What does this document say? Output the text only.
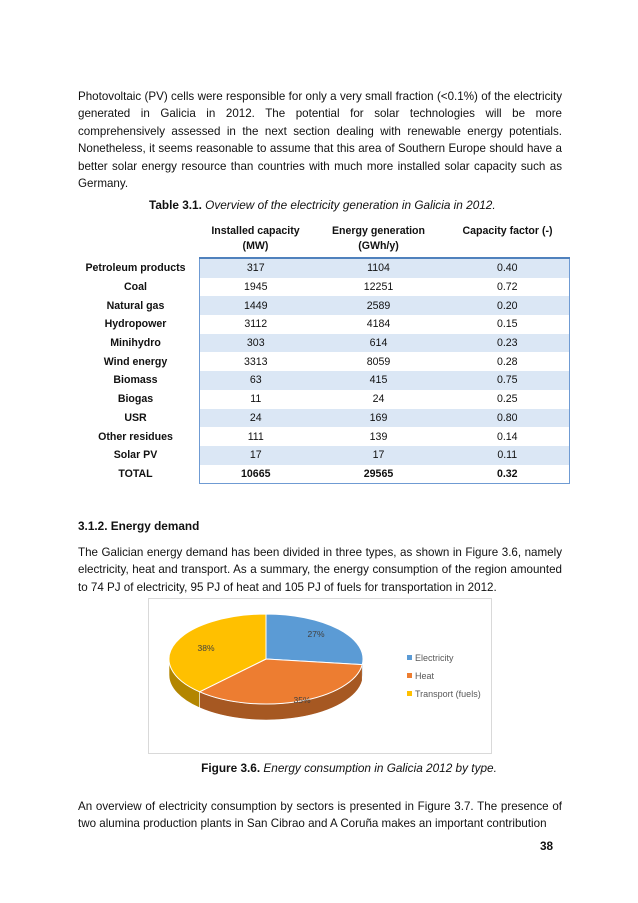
Photovoltaic (PV) cells were responsible for only a very small fraction (<0.1%) of the electricity generated in Galicia in 2012. The potential for solar technologies will be more comprehensively assessed in the next section dealing with renewable energy potentials. Nonetheless, it seems reasonable to assume that this area of Southern Europe should have a better solar energy resource than countries with much more installed solar capacity such as Germany.

Table 3.1. Overview of the electricity generation in Galicia in 2012.
	Installed capacity (MW)	Energy generation (GWh/y)	Capacity factor (-)
Petroleum products	317	1104	0.40
Coal	1945	12251	0.72
Natural gas	1449	2589	0.20
Hydropower	3112	4184	0.15
Minihydro	303	614	0.23
Wind energy	3313	8059	0.28
Biomass	63	415	0.75
Biogas	11	24	0.25
USR	24	169	0.80
Other residues	111	139	0.14
Solar PV	17	17	0.11
TOTAL	10665	29565	0.32
3.1.2. Energy demand

The Galician energy demand has been divided in three types, as shown in Figure 3.6, namely electricity, heat and transport. As a summary, the energy consumption of the region amounted to 74 PJ of electricity, 95 PJ of heat and 105 PJ of fuels for transportation in 2012.

27%
35%
38%
Electricity
Heat
Transport (fuels)
Figure 3.6. Energy consumption in Galicia 2012 by type.

An overview of electricity consumption by sectors is presented in Figure 3.7. The presence of two alumina production plants in San Cibrao and A Coruña makes an important contribution

38
